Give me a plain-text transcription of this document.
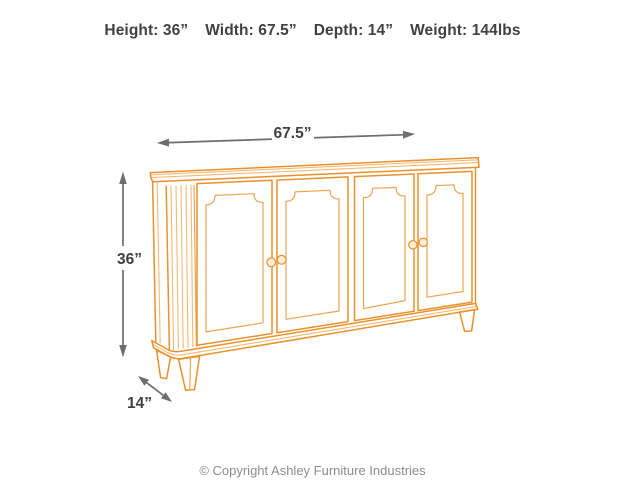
Height: 36” Width: 67.5” Depth: 14” Weight: 144lbs
67.5”
36”
14”
© Copyright Ashley Furniture Industries
